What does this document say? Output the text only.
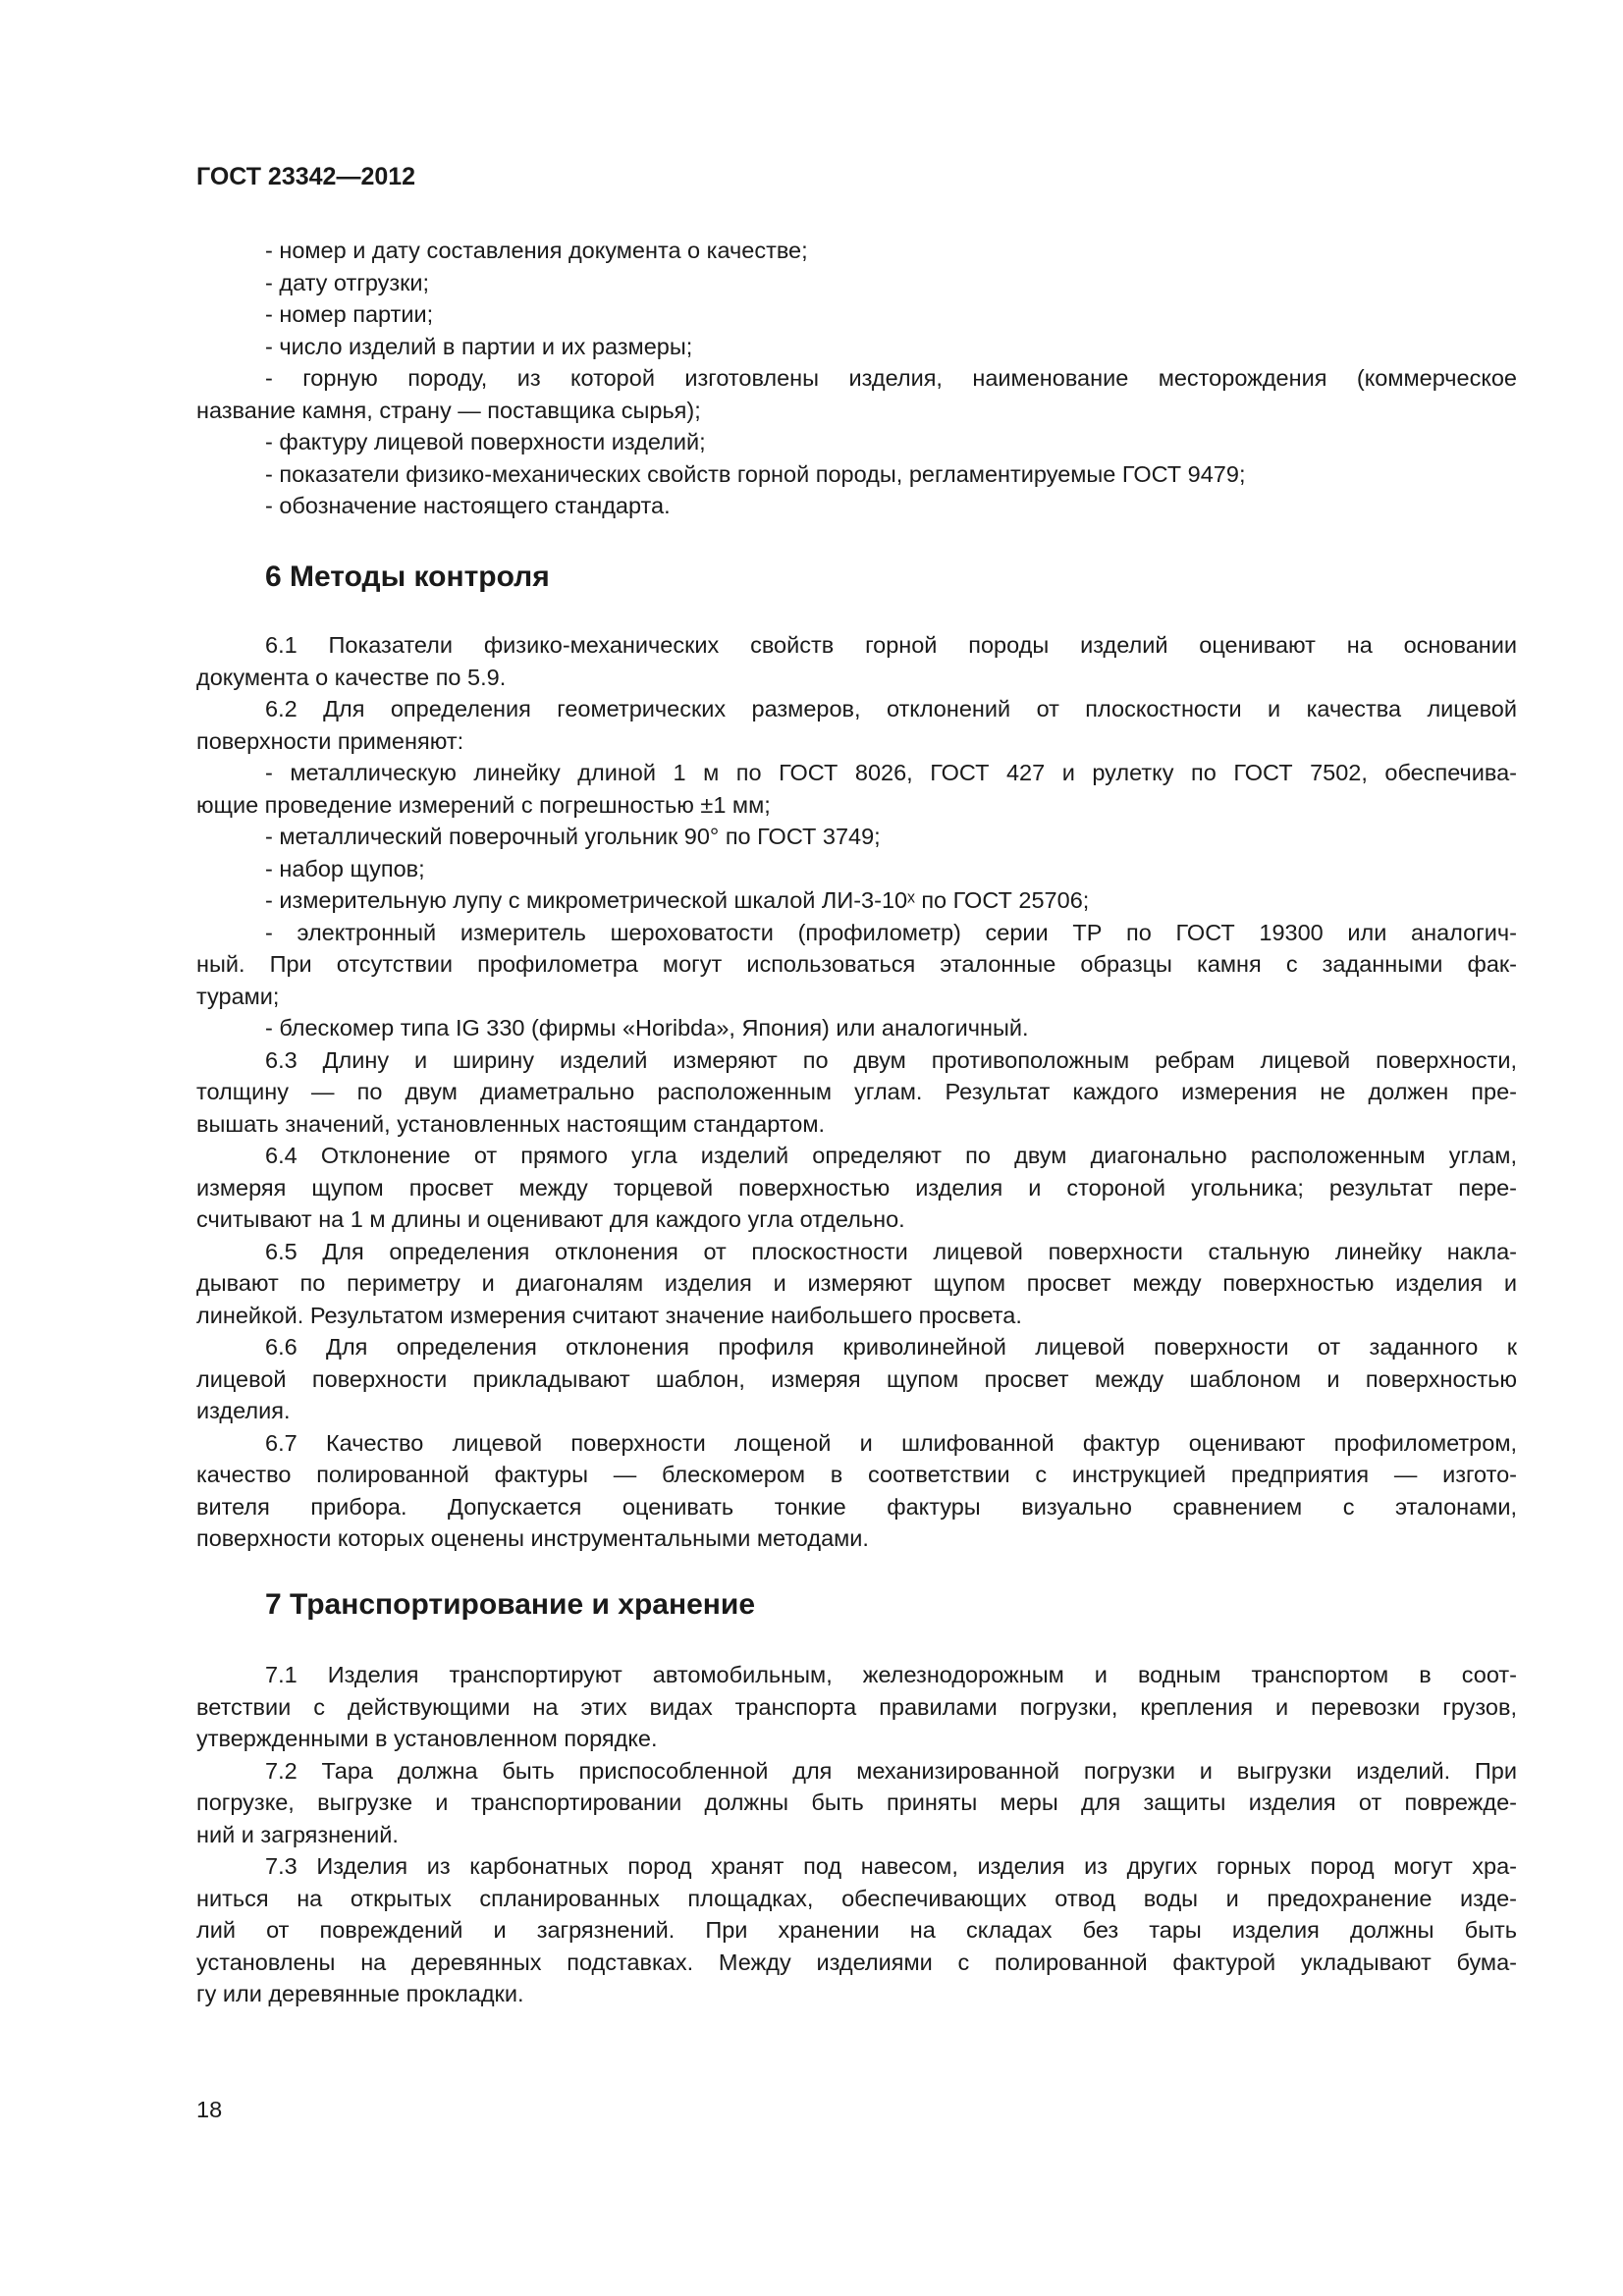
ГОСТ 23342—2012
- номер и дату составления документа о качестве;
- дату отгрузки;
- номер партии;
- число изделий в партии и их размеры;
- горную породу, из которой изготовлены изделия, наименование месторождения (коммерческое
название камня, страну — поставщика сырья);
- фактуру лицевой поверхности изделий;
- показатели физико-механических свойств горной породы, регламентируемые ГОСТ 9479;
- обозначение настоящего стандарта.
6 Методы контроля
6.1 Показатели физико-механических свойств горной породы изделий оценивают на основании
документа о качестве по 5.9.
6.2 Для определения геометрических размеров, отклонений от плоскостности и качества лицевой
поверхности применяют:
- металлическую линейку длиной 1 м по ГОСТ 8026, ГОСТ 427 и рулетку по ГОСТ 7502, обеспечива-
ющие проведение измерений с погрешностью ±1 мм;
- металлический поверочный угольник 90° по ГОСТ 3749;
- набор щупов;
- измерительную лупу с микрометрической шкалой ЛИ-3-10ˣ по ГОСТ 25706;
- электронный измеритель шероховатости (профилометр) серии ТР по ГОСТ 19300 или аналогич-
ный. При отсутствии профилометра могут использоваться эталонные образцы камня с заданными фак-
турами;
- блескомер типа IG 330 (фирмы «Horibda», Япония) или аналогичный.
6.3 Длину и ширину изделий измеряют по двум противоположным ребрам лицевой поверхности,
толщину — по двум диаметрально расположенным углам. Результат каждого измерения не должен пре-
вышать значений, установленных настоящим стандартом.
6.4 Отклонение от прямого угла изделий определяют по двум диагонально расположенным углам,
измеряя щупом просвет между торцевой поверхностью изделия и стороной угольника; результат пере-
считывают на 1 м длины и оценивают для каждого угла отдельно.
6.5 Для определения отклонения от плоскостности лицевой поверхности стальную линейку накла-
дывают по периметру и диагоналям изделия и измеряют щупом просвет между поверхностью изделия и
линейкой. Результатом измерения считают значение наибольшего просвета.
6.6 Для определения отклонения профиля криволинейной лицевой поверхности от заданного к
лицевой поверхности прикладывают шаблон, измеряя щупом просвет между шаблоном и поверхностью
изделия.
6.7 Качество лицевой поверхности лощеной и шлифованной фактур оценивают профилометром,
качество полированной фактуры — блескомером в соответствии с инструкцией предприятия — изгото-
вителя прибора. Допускается оценивать тонкие фактуры визуально сравнением с эталонами,
поверхности которых оценены инструментальными методами.
7 Транспортирование и хранение
7.1 Изделия транспортируют автомобильным, железнодорожным и водным транспортом в соот-
ветствии с действующими на этих видах транспорта правилами погрузки, крепления и перевозки грузов,
утвержденными в установленном порядке.
7.2 Тара должна быть приспособленной для механизированной погрузки и выгрузки изделий. При
погрузке, выгрузке и транспортировании должны быть приняты меры для защиты изделия от поврежде-
ний и загрязнений.
7.3 Изделия из карбонатных пород хранят под навесом, изделия из других горных пород могут хра-
ниться на открытых спланированных площадках, обеспечивающих отвод воды и предохранение изде-
лий от повреждений и загрязнений. При хранении на складах без тары изделия должны быть
установлены на деревянных подставках. Между изделиями с полированной фактурой укладывают бума-
гу или деревянные прокладки.
18
